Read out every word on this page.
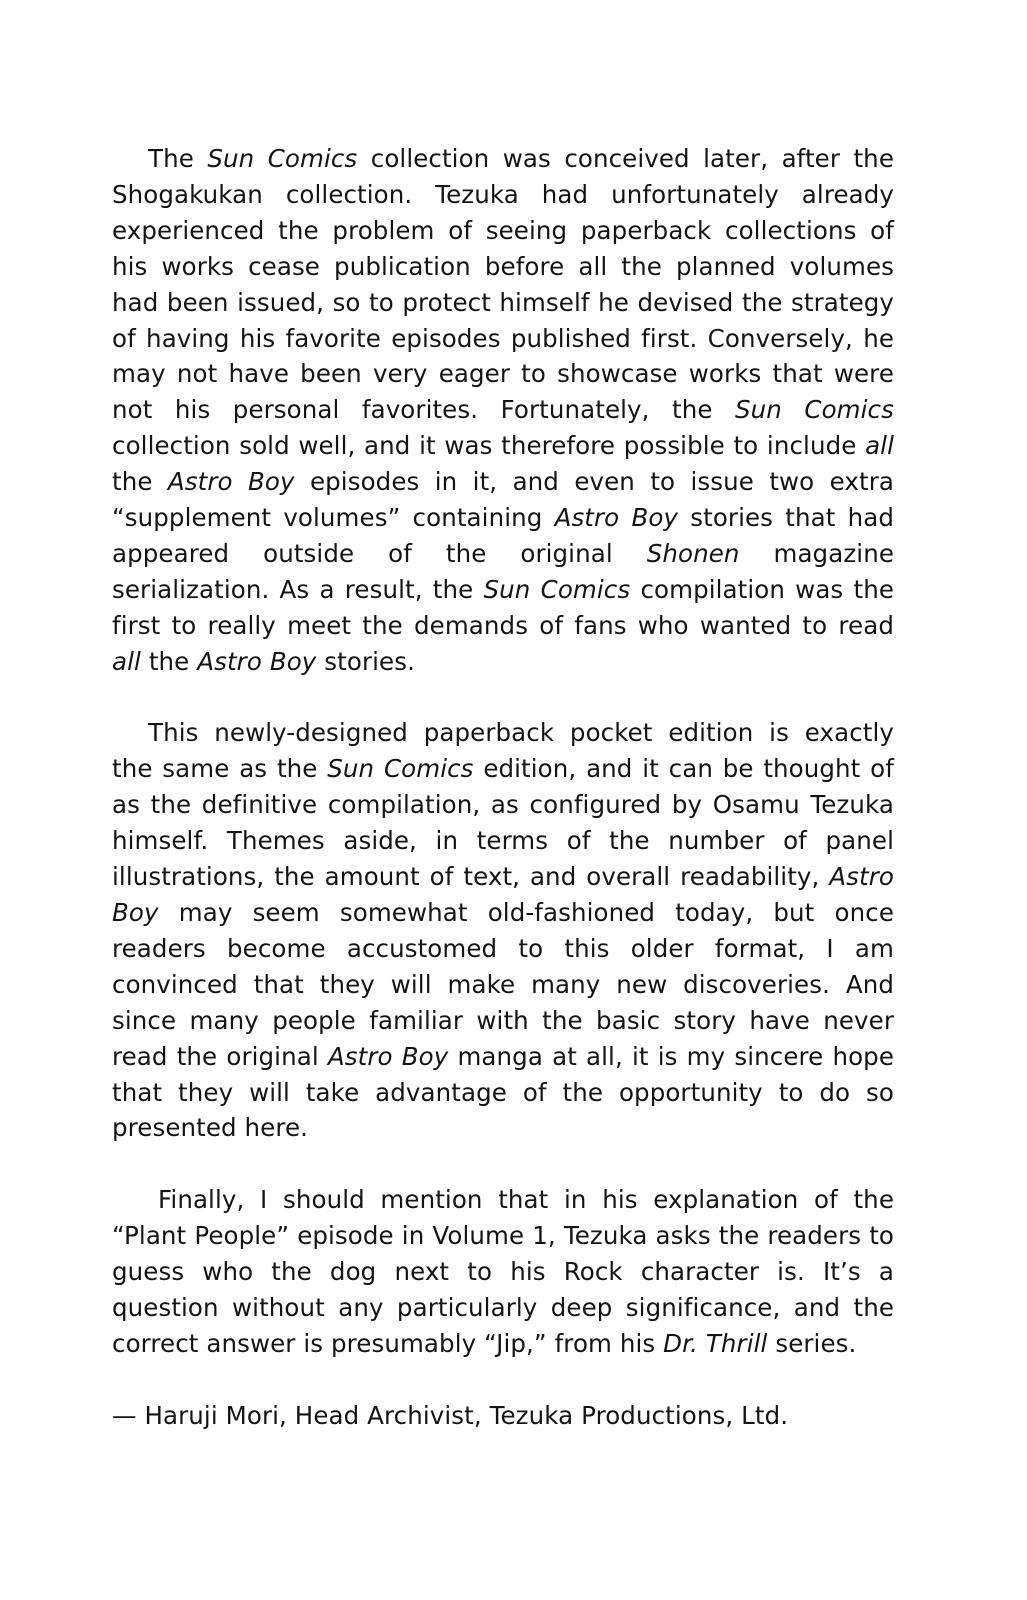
The Sun Comics collection was conceived later, after the Shogakukan collection. Tezuka had unfortunately already experienced the problem of seeing paperback collections of his works cease publication before all the planned volumes had been issued, so to protect himself he devised the strategy of having his favorite episodes published first. Conversely, he may not have been very eager to showcase works that were not his personal favorites. Fortunately, the Sun Comics collection sold well, and it was therefore possible to include all the Astro Boy episodes in it, and even to issue two extra “supplement volumes” containing Astro Boy stories that had appeared outside of the original Shonen magazine serialization. As a result, the Sun Comics compilation was the first to really meet the demands of fans who wanted to read all the Astro Boy stories.

This newly-designed paperback pocket edition is exactly the same as the Sun Comics edition, and it can be thought of as the definitive compilation, as configured by Osamu Tezuka himself. Themes aside, in terms of the number of panel illustrations, the amount of text, and overall readability, Astro Boy may seem somewhat old-fashioned today, but once readers become accustomed to this older format, I am convinced that they will make many new discoveries. And since many people familiar with the basic story have never read the original Astro Boy manga at all, it is my sincere hope that they will take advantage of the opportunity to do so presented here.

Finally, I should mention that in his explanation of the “Plant People” episode in Volume 1, Tezuka asks the readers to guess who the dog next to his Rock character is. It’s a question without any particularly deep significance, and the correct answer is presumably “Jip,” from his Dr. Thrill series.

— Haruji Mori, Head Archivist, Tezuka Productions, Ltd.
